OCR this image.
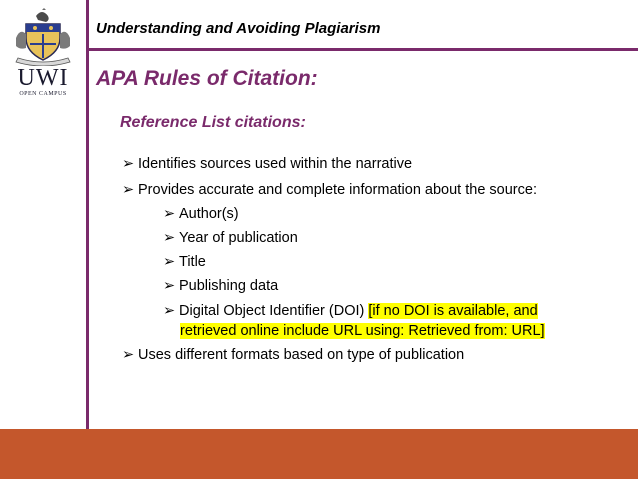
UWI
OPEN CAMPUS
Understanding and Avoiding Plagiarism
APA Rules of Citation:
Reference List citations:
➢ Identifies sources used within the narrative
➢ Provides accurate and complete information about the source:
➢ Author(s)
➢ Year of publication
➢ Title
➢ Publishing data
➢ Digital Object Identifier (DOI) [if no DOI is available, and
retrieved online include URL using: Retrieved from: URL]
➢ Uses different formats based on type of publication
